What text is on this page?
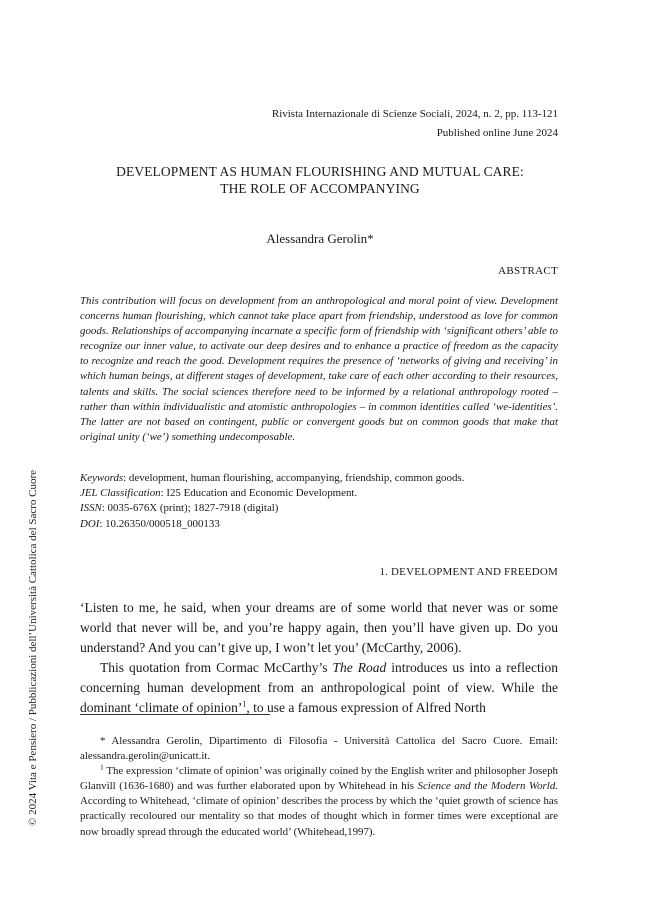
© 2024 Vita e Pensiero / Pubblicazioni dell’Università Cattolica del Sacro Cuore
Rivista Internazionale di Scienze Sociali, 2024, n. 2, pp. 113-121
Published online June 2024
DEVELOPMENT AS HUMAN FLOURISHING AND MUTUAL CARE:
THE ROLE OF ACCOMPANYING
Alessandra Gerolin*
ABSTRACT

This contribution will focus on development from an anthropological and moral point of view. Development concerns human flourishing, which cannot take place apart from friendship, understood as love for common goods. Relationships of accompanying incarnate a specific form of friendship with ‘significant others’ able to recognize our inner value, to activate our deep desires and to enhance a practice of freedom as the capacity to recognize and reach the good. Development requires the presence of ‘networks of giving and receiving’ in which human beings, at different stages of development, take care of each other according to their resources, talents and skills. The social sciences therefore need to be informed by a relational anthropology rooted – rather than within individualistic and atomistic anthropologies – in common identities called ‘we-identities’. The latter are not based on contingent, public or convergent goods but on common goods that make that original unity (‘we’) something undecomposable.

Keywords: development, human flourishing, accompanying, friendship, common goods.
JEL Classification: I25 Education and Economic Development.
ISSN: 0035-676X (print); 1827-7918 (digital)
DOI: 10.26350/000518_000133
1. DEVELOPMENT AND FREEDOM

‘Listen to me, he said, when your dreams are of some world that never was or some world that never will be, and you’re happy again, then you’ll have given up. Do you understand? And you can’t give up, I won’t let you’ (McCarthy, 2006).

This quotation from Cormac McCarthy’s The Road introduces us into a reflection concerning human development from an anthropological point of view. While the dominant ‘climate of opinion’$^1$, to use a famous expression of Alfred North

* Alessandra Gerolin, Dipartimento di Filosofia - Università Cattolica del Sacro Cuore. Email: alessandra.gerolin@unicatt.it.

$^1$ The expression ‘climate of opinion’ was originally coined by the English writer and philosopher Joseph Glanvill (1636-1680) and was further elaborated upon by Whitehead in his Science and the Modern World. According to Whitehead, ‘climate of opinion’ describes the process by which the ‘quiet growth of science has practically recoloured our mentality so that modes of thought which in former times were exceptional are now broadly spread through the educated world’ (Whitehead,1997).
